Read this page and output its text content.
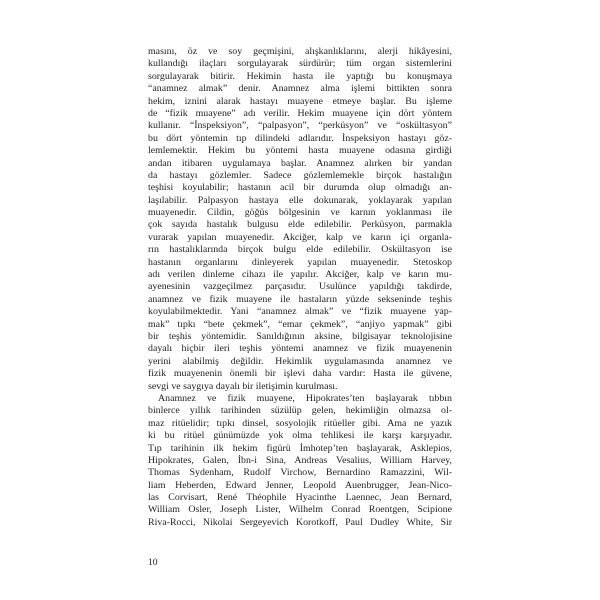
masını, öz ve soy geçmişini, alışkanlıklarını, alerji hikâyesini,
kullandığı ilaçları sorgulayarak sürdürür; tüm organ sistemlerini
sorgulayarak bitirir. Hekimin hasta ile yaptığı bu konuşmaya
“anamnez almak” denir. Anamnez alma işlemi bittikten sonra
hekim, iznini alarak hastayı muayene etmeye başlar. Bu işleme
de “fizik muayene” adı verilir. Hekim muayene için dört yöntem
kullanır. “İnspeksiyon”, “palpasyon”, “perküsyon” ve “oskültasyon”
bu dört yöntemin tıp dilindeki adlarıdır. İnspeksiyon hastayı göz-
lemlemektir. Hekim bu yöntemi hasta muayene odasına girdiği
andan itibaren uygulamaya başlar. Anamnez alırken bir yandan
da hastayı gözlemler. Sadece gözlemlemekle birçok hastalığın
teşhisi koyulabilir; hastanın acil bir durumda olup olmadığı an-
laşılabilir. Palpasyon hastaya elle dokunarak, yoklayarak yapılan
muayenedir. Cildin, göğüs bölgesinin ve karnın yoklanması ile
çok sayıda hastalık bulgusu elde edilebilir. Perküsyon, parmakla
vurarak yapılan muayenedir. Akciğer, kalp ve karın içi organla-
rın hastalıklarında birçok bulgu elde edilebilir. Oskültasyon ise
hastanın organlarını dinleyerek yapılan muayenedir. Stetoskop
adı verilen dinleme cihazı ile yapılır. Akciğer, kalp ve karın mu-
ayenesinin vazgeçilmez parçasıdır. Usulünce yapıldığı takdirde,
anamnez ve fizik muayene ile hastaların yüzde sekseninde teşhis
koyulabilmektedir. Yani “anamnez almak” ve “fizik muayene yap-
mak” tıpkı “bete çekmek”, “emar çekmek”, “anjiyo yapmak” gibi
bir teşhis yöntemidir. Sanıldığının aksine, bilgisayar teknolojisine
dayalı hiçbir ileri teşhis yöntemi anamnez ve fizik muayenenin
yerini alabilmiş değildir. Hekimlik uygulamasında anamnez ve
fizik muayenenin önemli bir işlevi daha vardır: Hasta ile güvene,
sevgi ve saygıya dayalı bir iletişimin kurulması.
Anamnez ve fizik muayene, Hipokrates’ten başlayarak tıbbın
binlerce yıllık tarihinden süzülüp gelen, hekimliğin olmazsa ol-
maz ritüelidir; tıpkı dinsel, sosyolojik ritüeller gibi. Ama ne yazık
ki bu ritüel günümüzde yok olma tehlikesi ile karşı karşıyadır.
Tıp tarihinin ilk hekim figürü İmhotep’ten başlayarak, Asklepios,
Hipokrates, Galen, İbn-i Sina, Andreas Vesalius, William Harvey,
Thomas Sydenham, Rudolf Virchow, Bernardino Ramazzini, Wil-
liam Heberden, Edward Jenner, Leopold Auenbrugger, Jean-Nico-
las Corvisart, René Théophile Hyacinthe Laennec, Jean Bernard,
William Osler, Joseph Lister, Wilhelm Conrad Roentgen, Scipione
Riva-Rocci, Nikolai Sergeyevich Korotkoff, Paul Dudley White, Sir
10
